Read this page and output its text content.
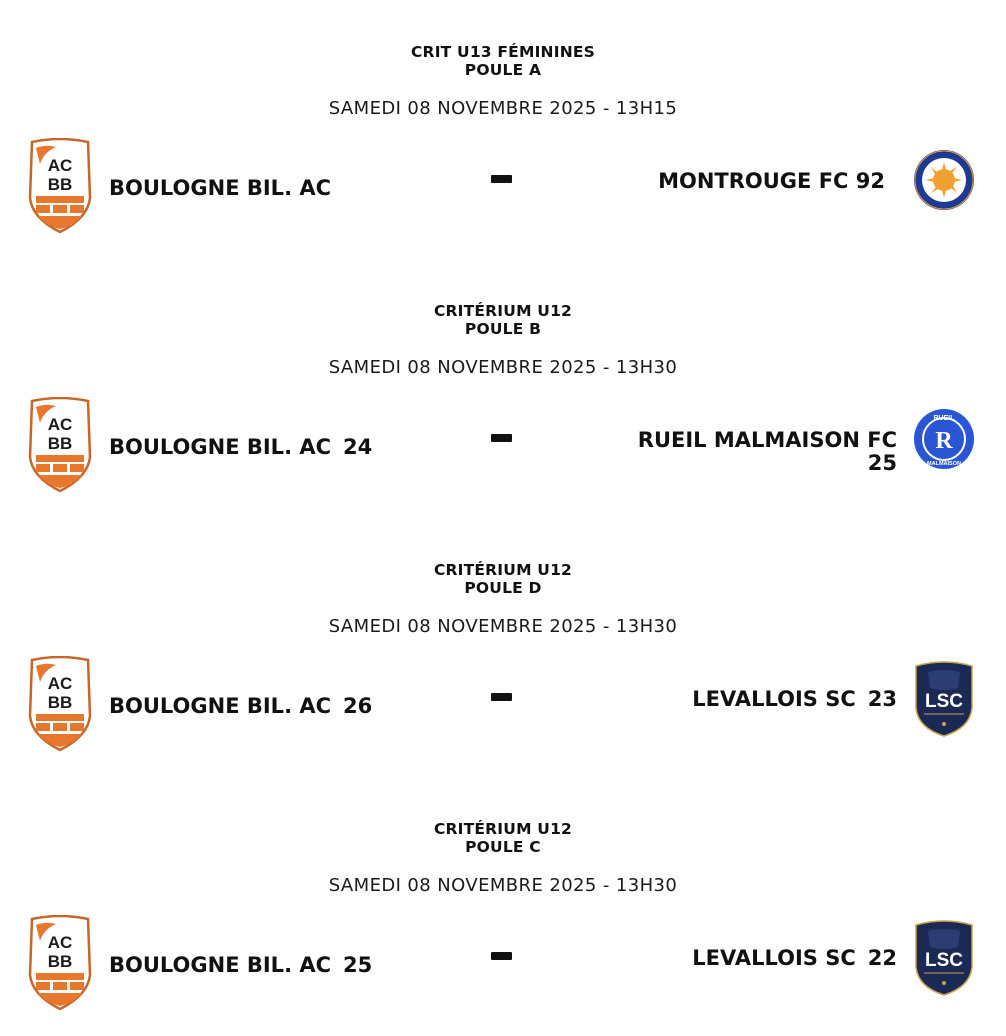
CRIT U13 FÉMININES
POULE A
SAMEDI 08 NOVEMBRE 2025 - 13H15
BOULOGNE BIL. AC	MONTROUGE FC 92
CRITÉRIUM U12
POULE B
SAMEDI 08 NOVEMBRE 2025 - 13H30
BOULOGNE BIL. AC 24	RUEIL MALMAISON FC
25
CRITÉRIUM U12
POULE D
SAMEDI 08 NOVEMBRE 2025 - 13H30
BOULOGNE BIL. AC 26	LEVALLOIS SC 23
CRITÉRIUM U12
POULE C
SAMEDI 08 NOVEMBRE 2025 - 13H30
BOULOGNE BIL. AC 25	LEVALLOIS SC 22
